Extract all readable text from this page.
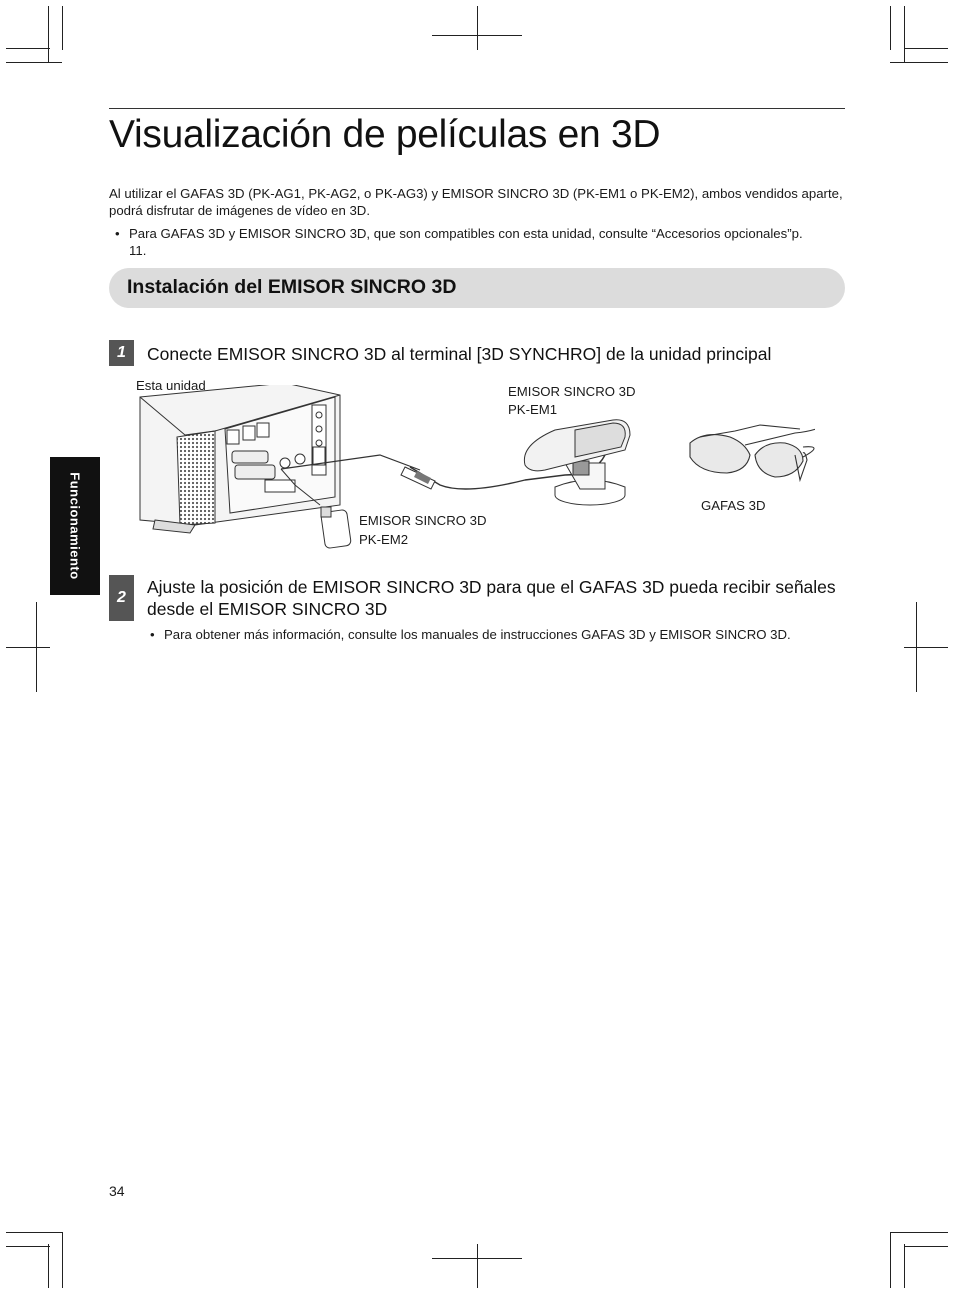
Visualización de películas en 3D

Al utilizar el GAFAS 3D (PK-AG1, PK-AG2, o PK-AG3) y EMISOR SINCRO 3D (PK-EM1 o PK-EM2), ambos vendidos aparte, podrá disfrutar de imágenes de vídeo en 3D.

• Para GAFAS 3D y EMISOR SINCRO 3D, que son compatibles con esta unidad, consulte “Accesorios opcionales”p. 11.
Instalación del EMISOR SINCRO 3D
1	Conecte EMISOR SINCRO 3D al terminal [3D SYNCHRO] de la unidad principal
Esta unidad	EMISOR SINCRO 3D
PK-EM1
EMISOR SINCRO 3D
PK-EM2
GAFAS 3D
2
Ajuste la posición de EMISOR SINCRO 3D para que el GAFAS 3D pueda recibir señales desde el EMISOR SINCRO 3D
• Para obtener más información, consulte los manuales de instrucciones GAFAS 3D y EMISOR SINCRO 3D.
Funcionamiento
34
